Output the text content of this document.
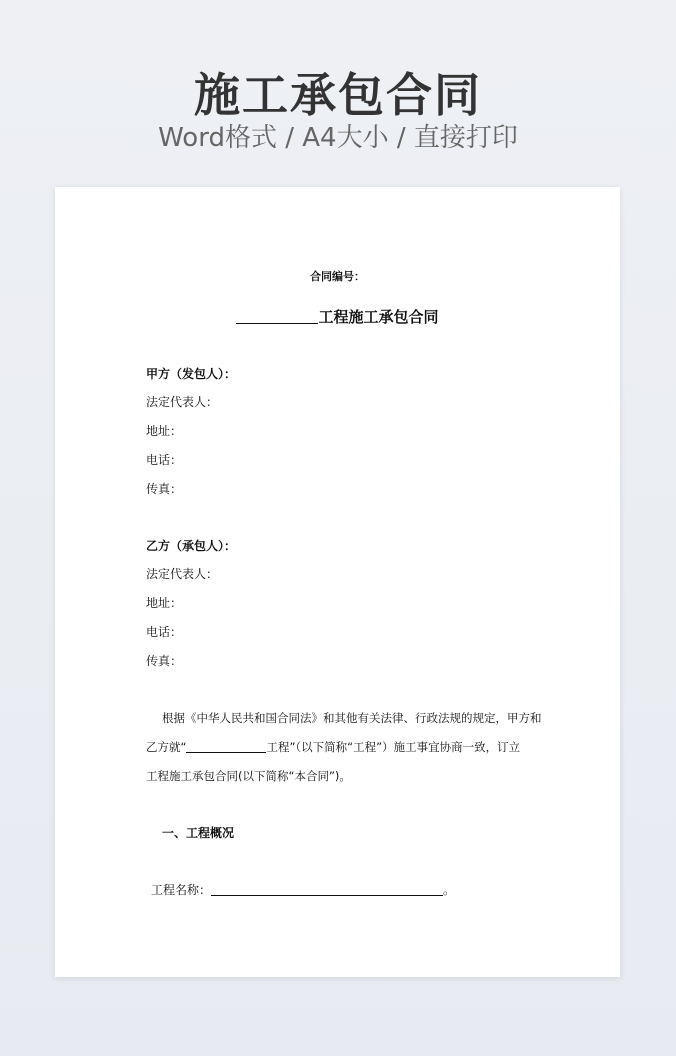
施工承包合同
Word格式 / A4大小 / 直接打印
合同编号：
工程施工承包合同
甲方（发包人）：
法定代表人：
地址：
电话：
传真：
乙方（承包人）：
法定代表人：
地址：
电话：
传真：
根据《中华人民共和国合同法》和其他有关法律、行政法规的规定，甲方和
乙方就“	工程”（以下简称“工程”）施工事宜协商一致，订立
工程施工承包合同(以下简称“本合同”)。
一、工程概况
工程名称：	。
